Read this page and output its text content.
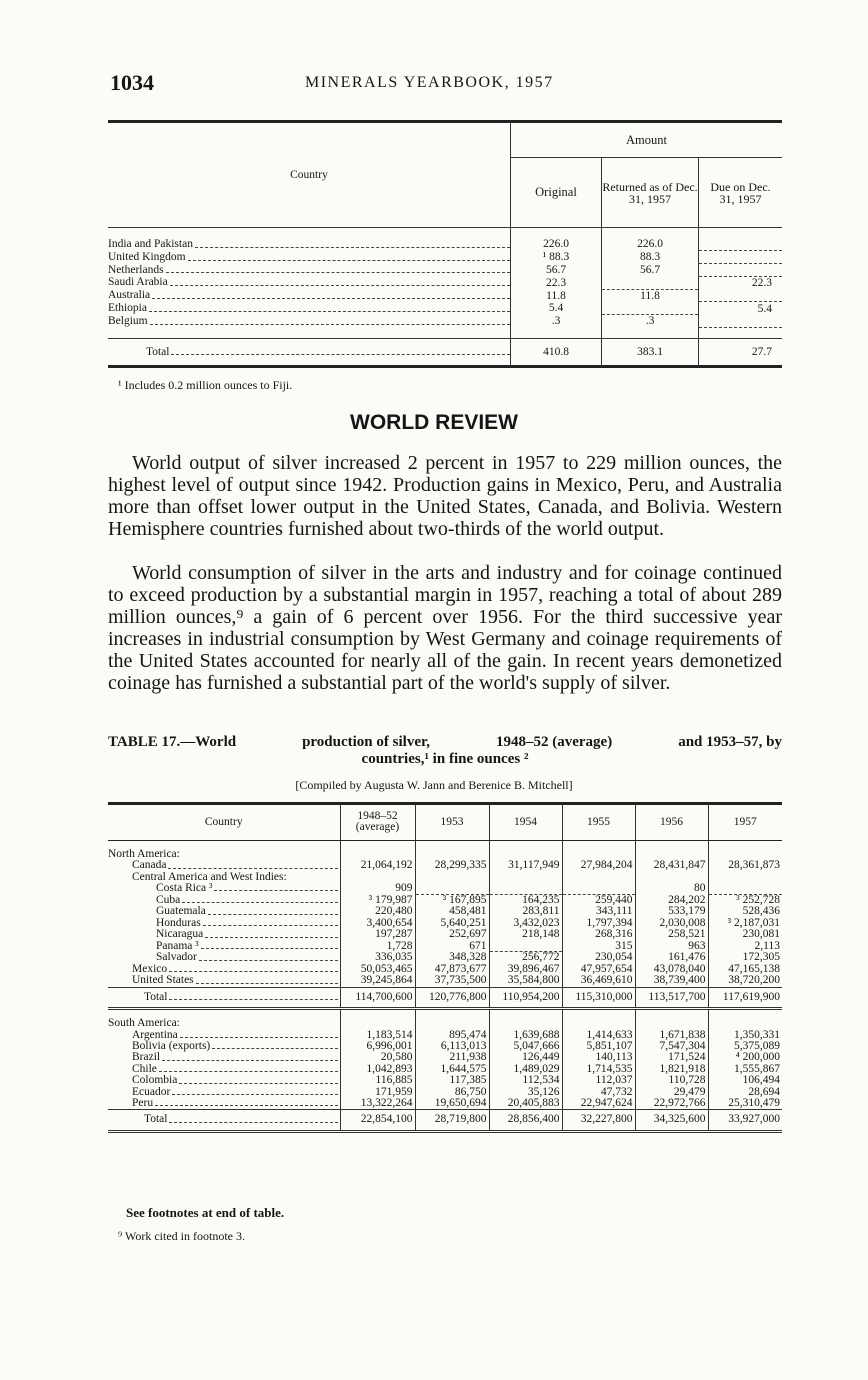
1034	MINERALS YEARBOOK, 1957
Country	Amount		
	Original	Returned as of Dec. 31, 1957	Due on Dec. 31, 1957

India and Pakistan	226.0	226.0	

United Kingdom	¹ 88.3	88.3	

Netherlands	56.7	56.7	

Saudi Arabia	22.3		22.3

Australia	11.8	11.8	

Ethiopia	5.4		5.4

Belgium	.3	.3	

Total	410.8	383.1	27.7
¹ Includes 0.2 million ounces to Fiji.
WORLD REVIEW

World output of silver increased 2 percent in 1957 to 229 million ounces, the highest level of output since 1942. Production gains in Mexico, Peru, and Australia more than offset lower output in the United States, Canada, and Bolivia. Western Hemisphere countries furnished about two-thirds of the world output.

World consumption of silver in the arts and industry and for coinage continued to exceed production by a substantial margin in 1957, reaching a total of about 289 million ounces,⁹ a gain of 6 percent over 1956. For the third successive year increases in industrial consumption by West Germany and coinage requirements of the United States accounted for nearly all of the gain. In recent years demonetized coinage has furnished a substantial part of the world's supply of silver.

TABLE 17.—World	production of silver,	1948–52 (average)	and 1953–57, by
countries,¹ in fine ounces ²
[Compiled by Augusta W. Jann and Berenice B. Mitchell]
Country	1948–52 (average)	1953	1954	1955	1956	1957

North America:						

Canada	21,064,192	28,299,335	31,117,949	27,984,204	28,431,847	28,361,873
Central America and West Indies:						

Costa Rica ³	909				80	

Cuba	³ 179,987	³ 167,895	164,235	259,440	284,202	³ 252,728

Guatemala	220,480	458,481	283,811	343,111	533,179	528,436

Honduras	3,400,654	5,640,251	3,432,023	1,797,394	2,030,008	³ 2,187,031

Nicaragua	197,287	252,697	218,148	268,316	258,521	230,081

Panama ³	1,728	671		315	963	2,113

Salvador	336,035	348,328	256,772	230,054	161,476	172,305

Mexico	50,053,465	47,873,677	39,896,467	47,957,654	43,078,040	47,165,138

United States	39,245,864	37,735,500	35,584,800	36,469,610	38,739,400	38,720,200

Total	114,700,600	120,776,800	110,954,200	115,310,000	113,517,700	117,619,900

South America:						

Argentina	1,183,514	895,474	1,639,688	1,414,633	1,671,838	1,350,331

Bolivia (exports)	6,996,001	6,113,013	5,047,666	5,851,107	7,547,304	5,375,089

Brazil	20,580	211,938	126,449	140,113	171,524	⁴ 200,000

Chile	1,042,893	1,644,575	1,489,029	1,714,535	1,821,918	1,555,867

Colombia	116,885	117,385	112,534	112,037	110,728	106,494

Ecuador	171,959	86,750	35,126	47,732	29,479	28,694

Peru	13,322,264	19,650,694	20,405,883	22,947,624	22,972,766	25,310,479

Total	22,854,100	28,719,800	28,856,400	32,227,800	34,325,600	33,927,000
See footnotes at end of table.
⁹ Work cited in footnote 3.
